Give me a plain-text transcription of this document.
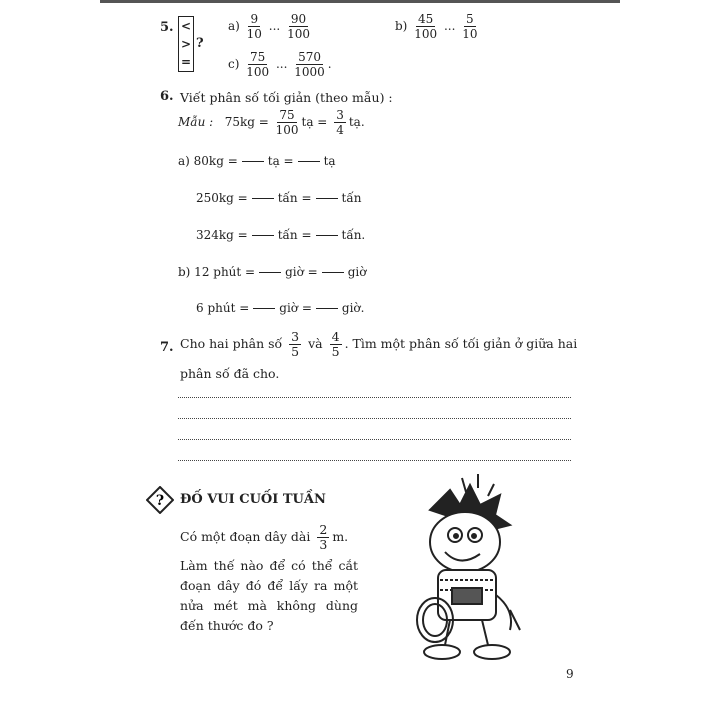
5. <
>
=
?
$a) \frac{9}{10}$ ... $\frac{90}{100}$	$b) \frac{45}{100}$ ... $\frac{5}{10}$
$c) \frac{75}{100}$ ... $\frac{570}{1000}$ .
6. Viết phân số tối giản (theo mẫu) :
Mẫu : $75kg = \frac{75}{100}$ tạ = $\frac{3}{4}$ tạ.
a) 80kg =	tạ =	tạ
250kg =	tấn =	tấn
324kg =	tấn =	tấn.
b) 12 phút =	giờ =	giờ
6 phút =	giờ =	giờ.
7. Cho hai phân số $\frac{3}{5}$ và $\frac{4}{5}$ . Tìm một phân số tối giản ở giữa hai
phân số đã cho.
? ĐỐ VUI CUỐI TUẦN
Có một đoạn dây dài $\frac{2}{3} m$.
Làm thế nào để có thể cắt đoạn dây đó để lấy ra một nửa mét mà không dùng đến thước đo ?
9
